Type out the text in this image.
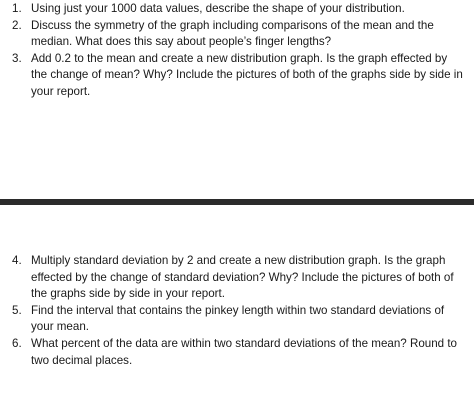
1. Using just your 1000 data values, describe the shape of your distribution.
2. Discuss the symmetry of the graph including comparisons of the mean and the median. What does this say about people’s finger lengths?
3. Add 0.2 to the mean and create a new distribution graph. Is the graph effected by the change of mean? Why? Include the pictures of both of the graphs side by side in your report.
4. Multiply standard deviation by 2 and create a new distribution graph. Is the graph effected by the change of standard deviation? Why? Include the pictures of both of the graphs side by side in your report.
5. Find the interval that contains the pinkey length within two standard deviations of your mean.
6. What percent of the data are within two standard deviations of the mean? Round to two decimal places.
